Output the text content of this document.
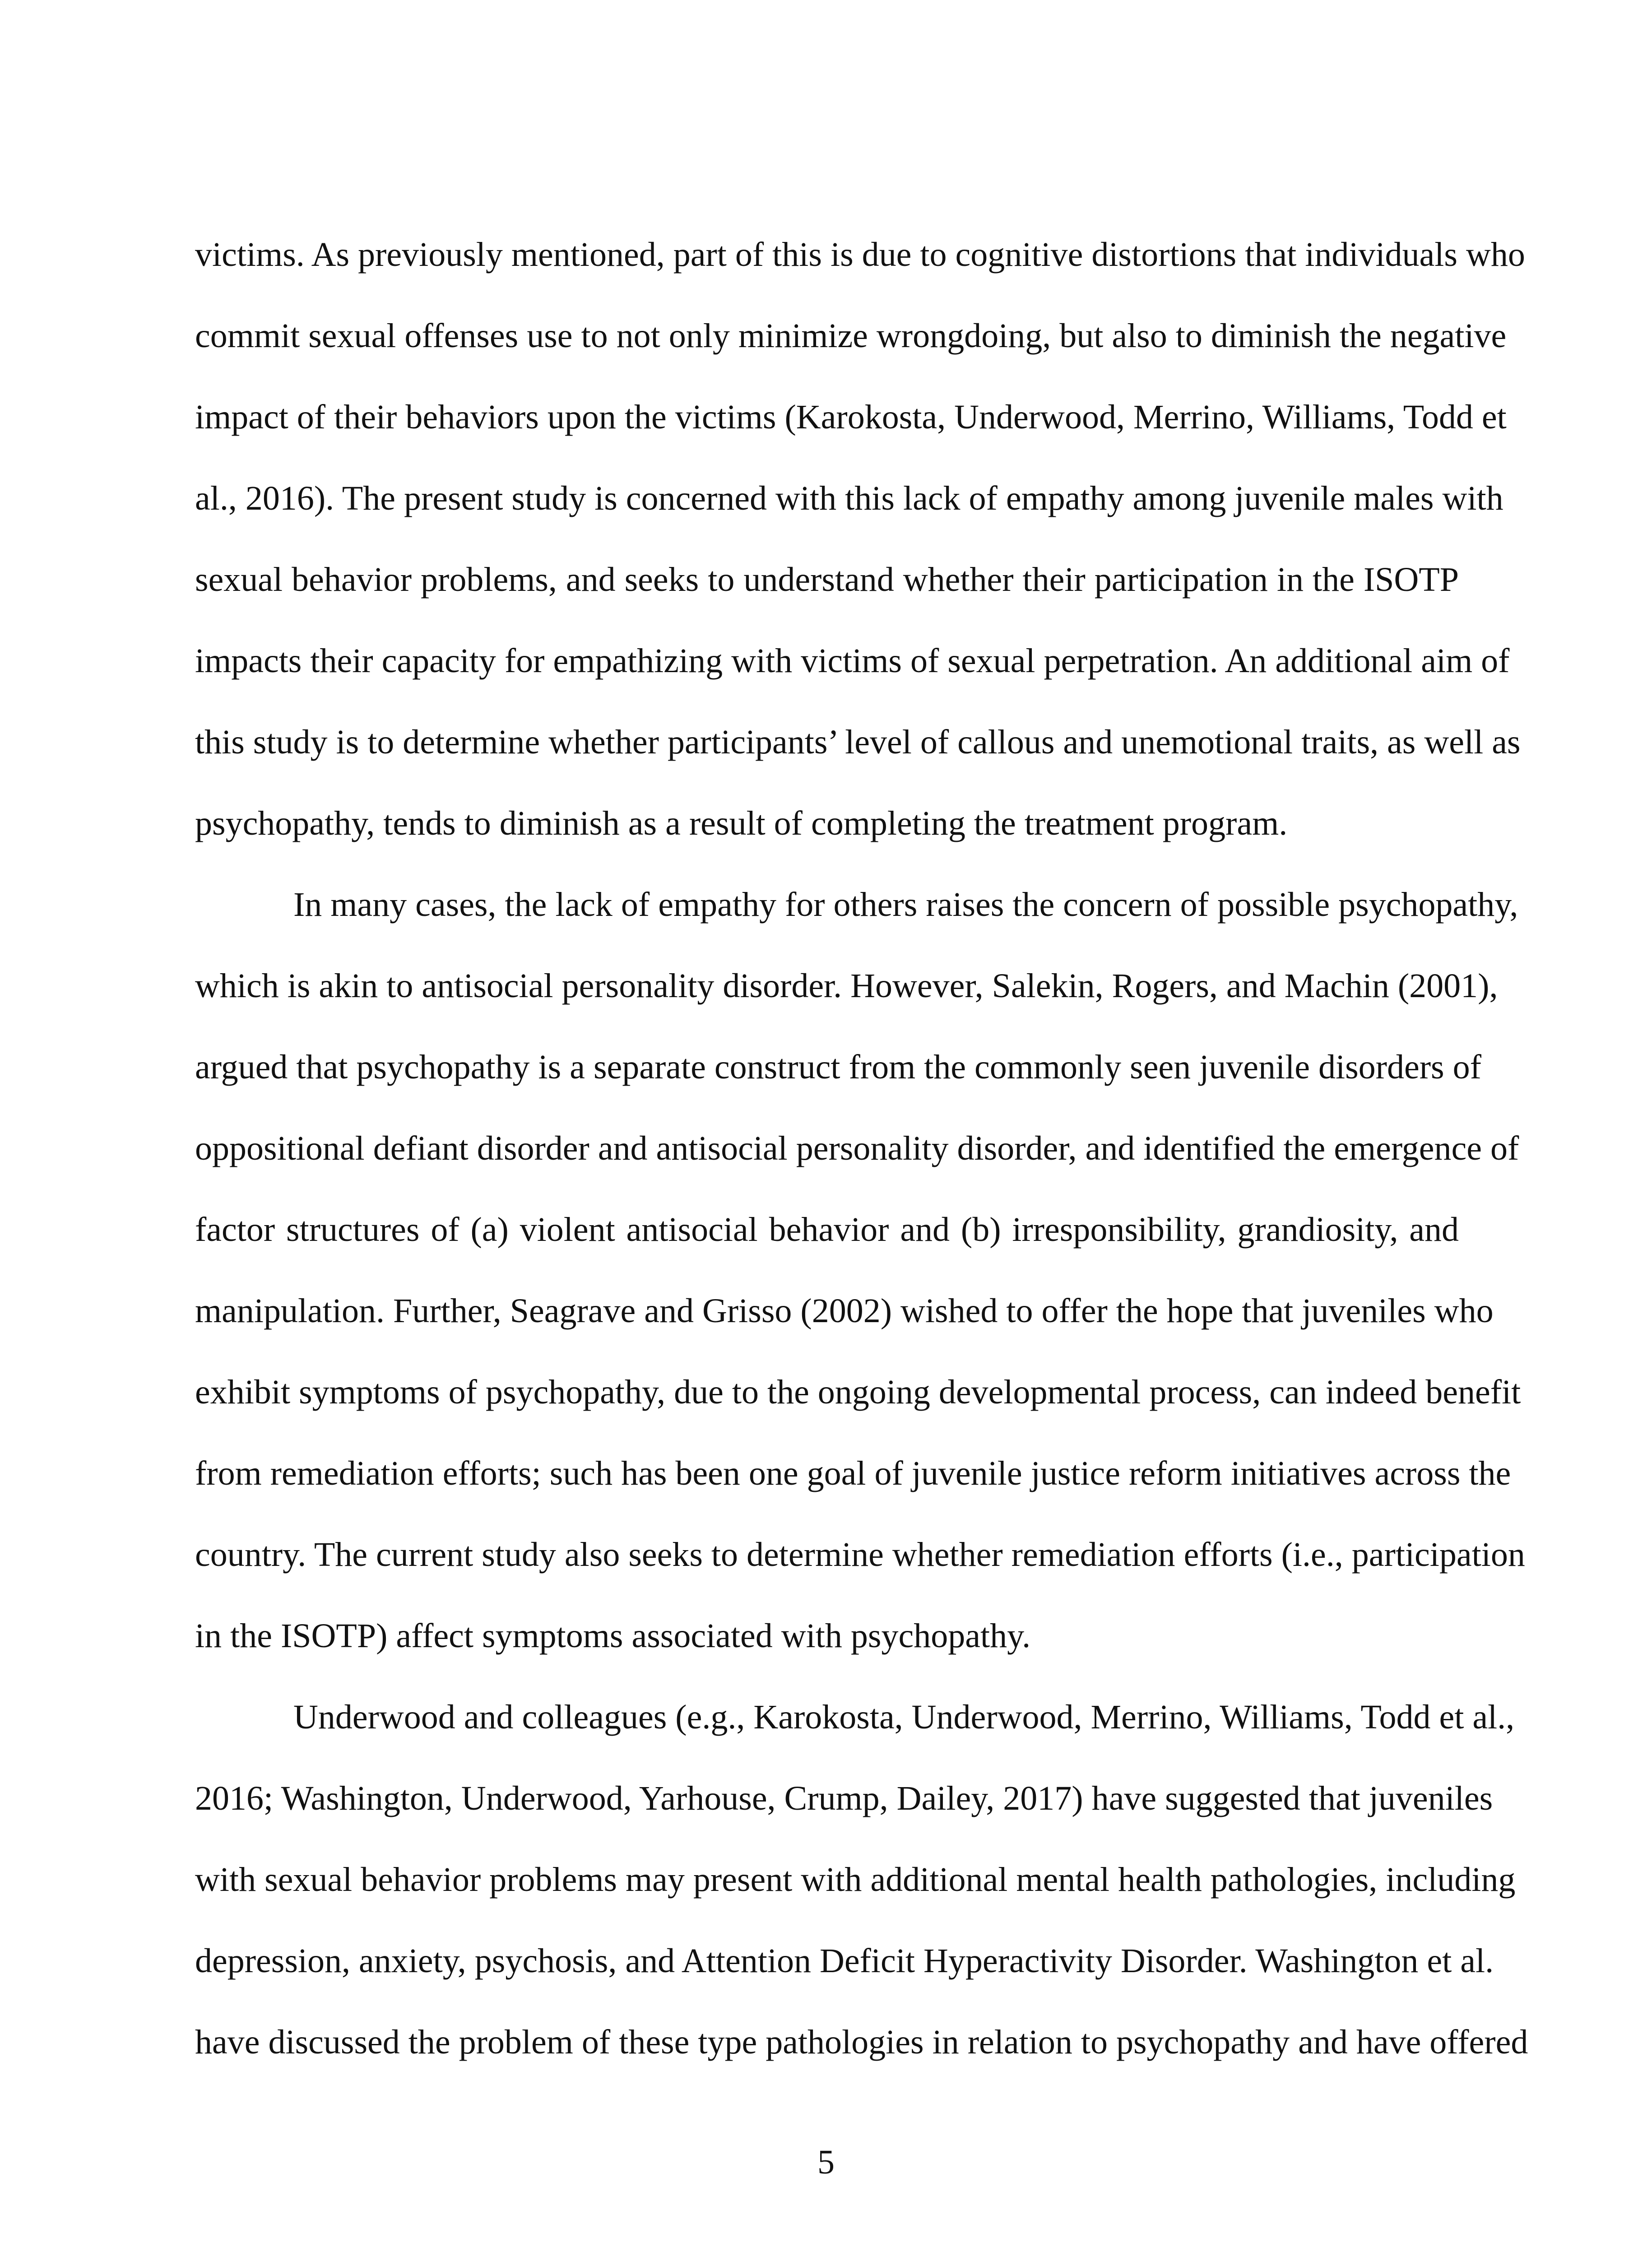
victims. As previously mentioned, part of this is due to cognitive distortions that individuals who
commit sexual offenses use to not only minimize wrongdoing, but also to diminish the negative
impact of their behaviors upon the victims (Karokosta, Underwood, Merrino, Williams, Todd et
al., 2016). The present study is concerned with this lack of empathy among juvenile males with
sexual behavior problems, and seeks to understand whether their participation in the ISOTP
impacts their capacity for empathizing with victims of sexual perpetration. An additional aim of
this study is to determine whether participants’ level of callous and unemotional traits, as well as
psychopathy, tends to diminish as a result of completing the treatment program.
In many cases, the lack of empathy for others raises the concern of possible psychopathy,
which is akin to antisocial personality disorder. However, Salekin, Rogers, and Machin (2001),
argued that psychopathy is a separate construct from the commonly seen juvenile disorders of
oppositional defiant disorder and antisocial personality disorder, and identified the emergence of
factor structures of (a) violent antisocial behavior and (b) irresponsibility, grandiosity, and
manipulation. Further, Seagrave and Grisso (2002) wished to offer the hope that juveniles who
exhibit symptoms of psychopathy, due to the ongoing developmental process, can indeed benefit
from remediation efforts; such has been one goal of juvenile justice reform initiatives across the
country. The current study also seeks to determine whether remediation efforts (i.e., participation
in the ISOTP) affect symptoms associated with psychopathy.
Underwood and colleagues (e.g., Karokosta, Underwood, Merrino, Williams, Todd et al.,
2016; Washington, Underwood, Yarhouse, Crump, Dailey, 2017) have suggested that juveniles
with sexual behavior problems may present with additional mental health pathologies, including
depression, anxiety, psychosis, and Attention Deficit Hyperactivity Disorder. Washington et al.
have discussed the problem of these type pathologies in relation to psychopathy and have offered
5
